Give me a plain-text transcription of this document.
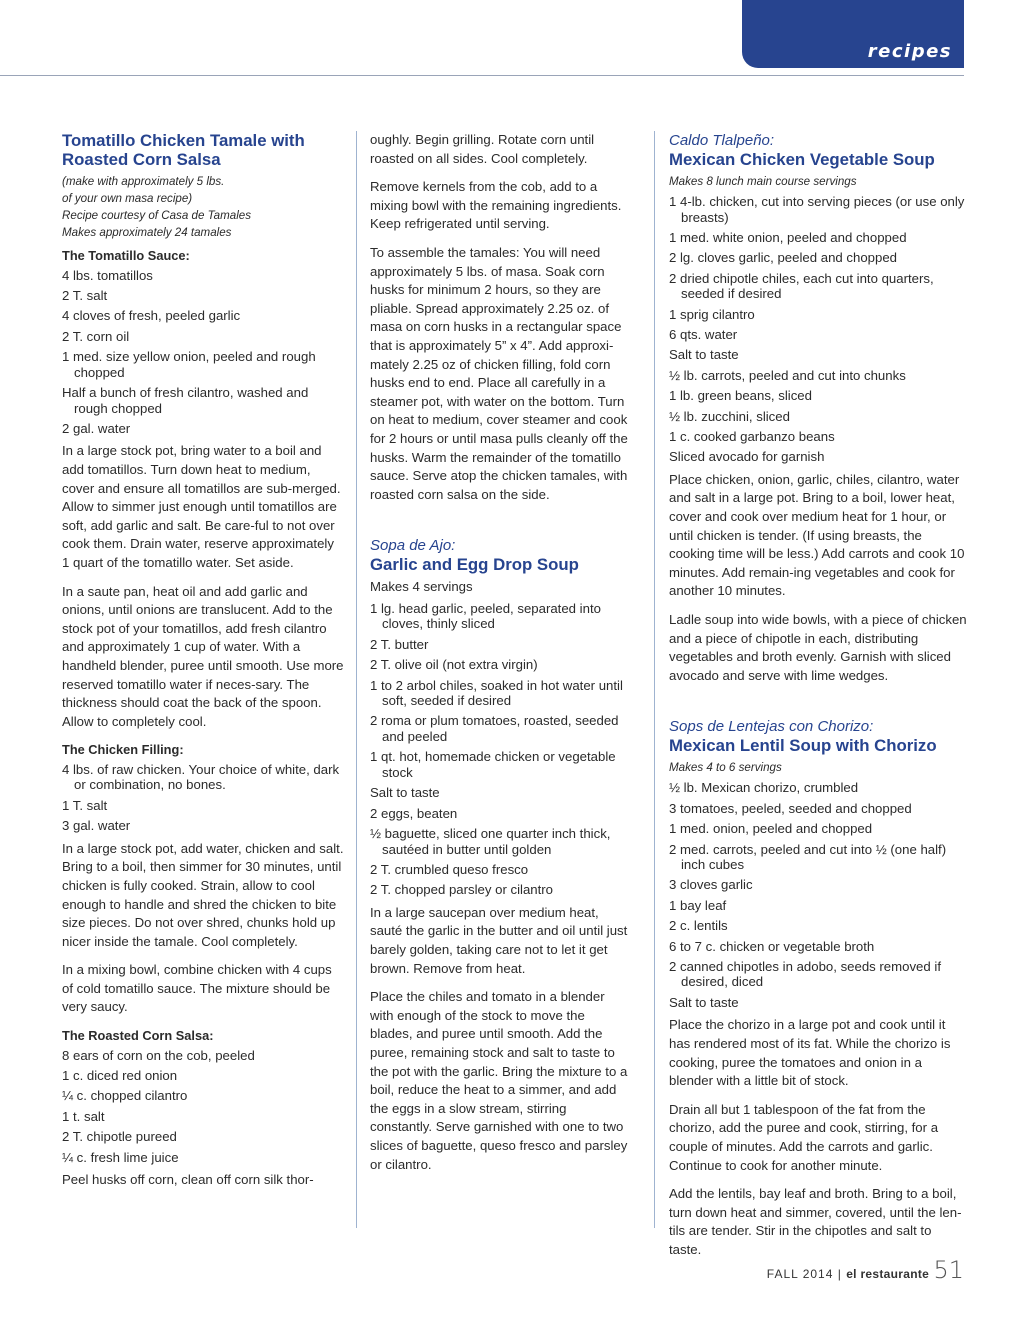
recipes
Tomatillo Chicken Tamale with Roasted Corn Salsa
(make with approximately 5 lbs.
of your own masa recipe)
Recipe courtesy of Casa de Tamales
Makes approximately 24 tamales
The Tomatillo Sauce:
4 lbs. tomatillos
2 T. salt
4 cloves of fresh, peeled garlic
2 T. corn oil
1 med. size yellow onion, peeled and rough chopped
Half a bunch of fresh cilantro, washed and rough chopped
2 gal. water

In a large stock pot, bring water to a boil and add tomatillos. Turn down heat to medium, cover and ensure all tomatillos are sub-merged. Allow to simmer just enough until tomatillos are soft, add garlic and salt. Be care-ful to not over cook them. Drain water, reserve approximately 1 quart of the tomatillo water. Set aside.

In a saute pan, heat oil and add garlic and onions, until onions are translucent. Add to the stock pot of your tomatillos, add fresh cilantro and approximately 1 cup of water. With a handheld blender, puree until smooth. Use more reserved tomatillo water if neces-sary. The thickness should coat the back of the spoon. Allow to completely cool.

The Chicken Filling:
4 lbs. of raw chicken. Your choice of white, dark or combination, no bones.
1 T. salt
3 gal. water

In a large stock pot, add water, chicken and salt. Bring to a boil, then simmer for 30 minutes, until chicken is fully cooked. Strain, allow to cool enough to handle and shred the chicken to bite size pieces. Do not over shred, chunks hold up nicer inside the tamale. Cool completely.

In a mixing bowl, combine chicken with 4 cups of cold tomatillo sauce. The mixture should be very saucy.

The Roasted Corn Salsa:
8 ears of corn on the cob, peeled
1 c. diced red onion
¼ c. chopped cilantro
1 t. salt
2 T. chipotle pureed
¼ c. fresh lime juice

Peel husks off corn, clean off corn silk thor-

oughly. Begin grilling. Rotate corn until roasted on all sides. Cool completely.

Remove kernels from the cob, add to a mixing bowl with the remaining ingredients. Keep refrigerated until serving.

To assemble the tamales: You will need approximately 5 lbs. of masa. Soak corn husks for minimum 2 hours, so they are pliable. Spread approximately 2.25 oz. of masa on corn husks in a rectangular space that is approximately 5” x 4”. Add approxi-mately 2.25 oz of chicken filling, fold corn husks end to end. Place all carefully in a steamer pot, with water on the bottom. Turn on heat to medium, cover steamer and cook for 2 hours or until masa pulls cleanly off the husks. Warm the remainder of the tomatillo sauce. Serve atop the chicken tamales, with roasted corn salsa on the side.

Sopa de Ajo:
Garlic and Egg Drop Soup
Makes 4 servings
1 lg. head garlic, peeled, separated into cloves, thinly sliced
2 T. butter
2 T. olive oil (not extra virgin)
1 to 2 arbol chiles, soaked in hot water until soft, seeded if desired
2 roma or plum tomatoes, roasted, seeded and peeled
1 qt. hot, homemade chicken or vegetable stock
Salt to taste
2 eggs, beaten
½ baguette, sliced one quarter inch thick, sautéed in butter until golden
2 T. crumbled queso fresco
2 T. chopped parsley or cilantro

In a large saucepan over medium heat, sauté the garlic in the butter and oil until just barely golden, taking care not to let it get brown. Remove from heat.

Place the chiles and tomato in a blender with enough of the stock to move the blades, and puree until smooth. Add the puree, remaining stock and salt to taste to the pot with the garlic. Bring the mixture to a boil, reduce the heat to a simmer, and add the eggs in a slow stream, stirring constantly. Serve garnished with one to two slices of baguette, queso fresco and parsley or cilantro.

Caldo Tlalpeño:
Mexican Chicken Vegetable Soup
Makes 8 lunch main course servings
1 4-lb. chicken, cut into serving pieces (or use only breasts)
1 med. white onion, peeled and chopped
2 lg. cloves garlic, peeled and chopped
2 dried chipotle chiles, each cut into quarters, seeded if desired
1 sprig cilantro
6 qts. water
Salt to taste
½ lb. carrots, peeled and cut into chunks
1 lb. green beans, sliced
½ lb. zucchini, sliced
1 c. cooked garbanzo beans
Sliced avocado for garnish

Place chicken, onion, garlic, chiles, cilantro, water and salt in a large pot. Bring to a boil, lower heat, cover and cook over medium heat for 1 hour, or until chicken is tender. (If using breasts, the cooking time will be less.) Add carrots and cook 10 minutes. Add remain-ing vegetables and cook for another 10 minutes.

Ladle soup into wide bowls, with a piece of chicken and a piece of chipotle in each, distributing vegetables and broth evenly. Garnish with sliced avocado and serve with lime wedges.

Sops de Lentejas con Chorizo:
Mexican Lentil Soup with Chorizo
Makes 4 to 6 servings
½ lb. Mexican chorizo, crumbled
3 tomatoes, peeled, seeded and chopped
1 med. onion, peeled and chopped
2 med. carrots, peeled and cut into ½ (one half) inch cubes
3 cloves garlic
1 bay leaf
2 c. lentils
6 to 7 c. chicken or vegetable broth
2 canned chipotles in adobo, seeds removed if desired, diced
Salt to taste

Place the chorizo in a large pot and cook until it has rendered most of its fat. While the chorizo is cooking, puree the tomatoes and onion in a blender with a little bit of stock.

Drain all but 1 tablespoon of the fat from the chorizo, add the puree and cook, stirring, for a couple of minutes. Add the carrots and garlic. Continue to cook for another minute.

Add the lentils, bay leaf and broth. Bring to a boil, turn down heat and simmer, covered, until the len-tils are tender. Stir in the chipotles and salt to taste.

FALL 2014 | el restaurante 51
